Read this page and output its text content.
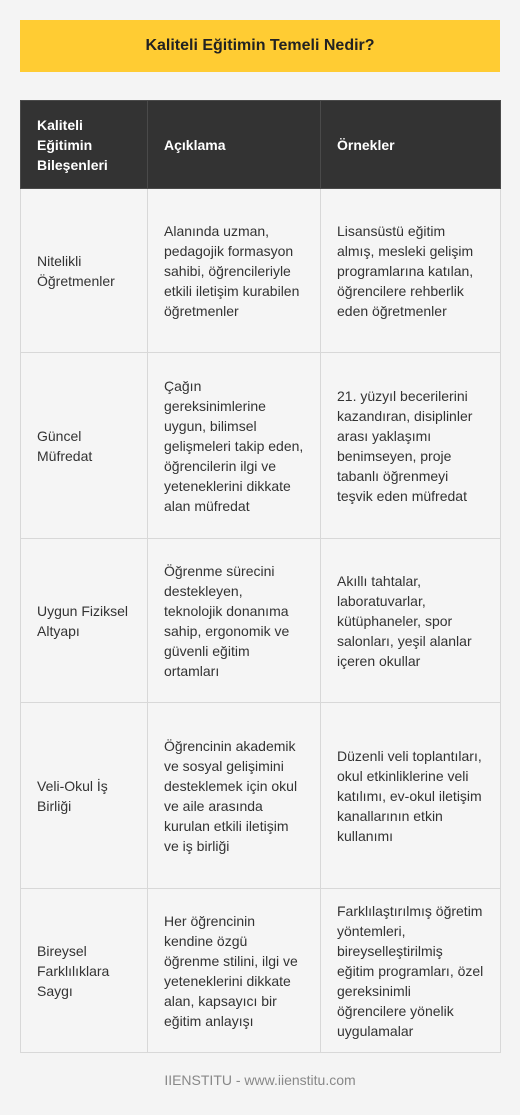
Kaliteli Eğitimin Temeli Nedir?
Kaliteli Eğitimin Bileşenleri	Açıklama	Örnekler
Nitelikli Öğretmenler	Alanında uzman, pedagojik formasyon sahibi, öğrencileriyle etkili iletişim kurabilen öğretmenler	Lisansüstü eğitim almış, mesleki gelişim programlarına katılan, öğrencilere rehberlik eden öğretmenler
Güncel Müfredat	Çağın gereksinimlerine uygun, bilimsel gelişmeleri takip eden, öğrencilerin ilgi ve yeteneklerini dikkate alan müfredat	21. yüzyıl becerilerini kazandıran, disiplinler arası yaklaşımı benimseyen, proje tabanlı öğrenmeyi teşvik eden müfredat
Uygun Fiziksel Altyapı	Öğrenme sürecini destekleyen, teknolojik donanıma sahip, ergonomik ve güvenli eğitim ortamları	Akıllı tahtalar, laboratuvarlar, kütüphaneler, spor salonları, yeşil alanlar içeren okullar
Veli-Okul İş Birliği	Öğrencinin akademik ve sosyal gelişimini desteklemek için okul ve aile arasında kurulan etkili iletişim ve iş birliği	Düzenli veli toplantıları, okul etkinliklerine veli katılımı, ev-okul iletişim kanallarının etkin kullanımı
Bireysel Farklılıklara Saygı	Her öğrencinin kendine özgü öğrenme stilini, ilgi ve yeteneklerini dikkate alan, kapsayıcı bir eğitim anlayışı	Farklılaştırılmış öğretim yöntemleri, bireyselleştirilmiş eğitim programları, özel gereksinimli öğrencilere yönelik uygulamalar
IIENSTITU - www.iienstitu.com
